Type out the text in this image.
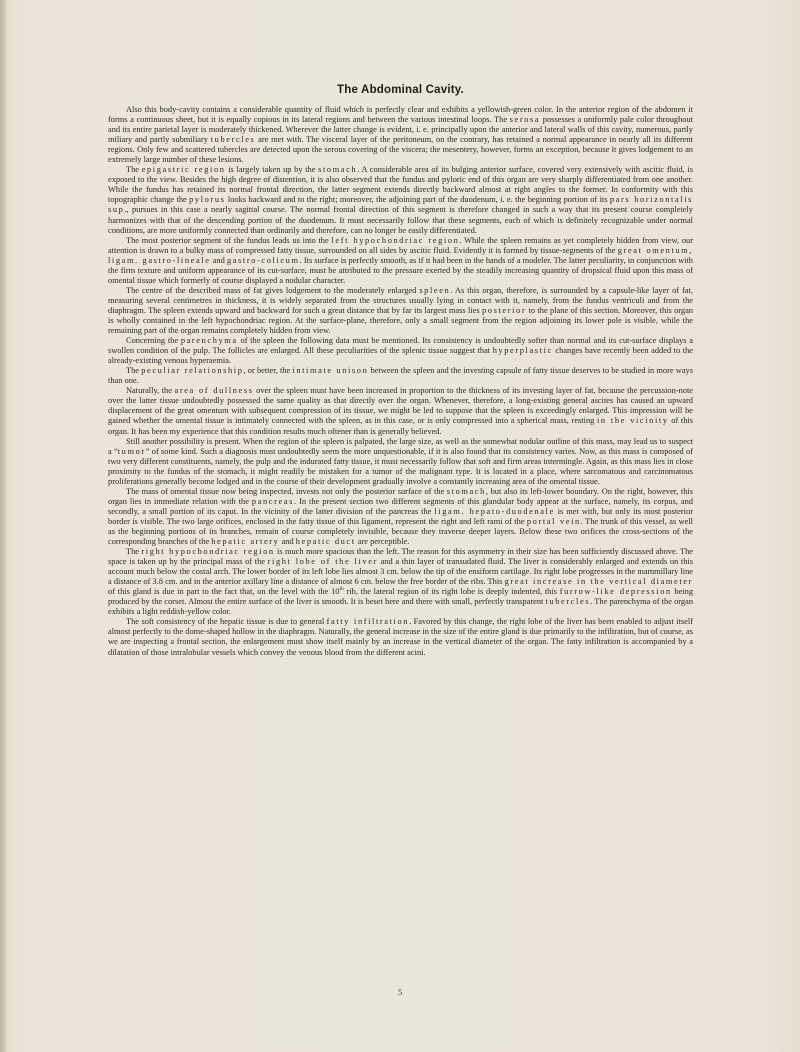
The Abdominal Cavity.

Also this body-cavity contains a considerable quantity of fluid which is perfectly clear and exhibits a yellowish-green color. In the anterior region of the abdomen it forms a continuous sheet, but it is equally copious in its lateral regions and between the various intestinal loops. The serosa possesses a uniformly pale color throughout and its entire parietal layer is moderately thickened. Wherever the latter change is evident, i. e. principally upon the anterior and lateral walls of this cavity, numerous, partly miliary and partly submiliary tubercles are met with. The visceral layer of the peritoneum, on the contrary, has retained a normal appearance in nearly all its different regions. Only few and scattered tubercles are detected upon the serous covering of the viscera; the mesentery, however, forms an exception, because it gives lodgement to an extremely large number of these lesions.

The epigastric region is largely taken up by the stomach. A considerable area of its bulging anterior surface, covered very extensively with ascitic fluid, is exposed to the view. Besides the high degree of distention, it is also observed that the fundus and pyloric end of this organ are very sharply differentiated from one another. While the fundus has retained its normal frontal direction, the latter segment extends directly backward almost at right angles to the former. In conformity with this topographic change the pylorus looks backward and to the right; moreover, the adjoining part of the duodenum, i. e. the beginning portion of its pars horizontalis sup., pursues in this case a nearly sagittal course. The normal frontal direction of this segment is therefore changed in such a way that its present course completely harmonizes with that of the descending portion of the duodenum. It must necessarily follow that these segments, each of which is definitely recognizable under normal conditions, are more uniformly connected than ordinarily and therefore, can no longer be easily differentiated.

The most posterior segment of the fundus leads us into the left hypochondriac region. While the spleen remains as yet completely hidden from view, our attention is drawn to a bulky mass of compressed fatty tissue, surrounded on all sides by ascitic fluid. Evidently it is formed by tissue-segments of the great omentum, ligam. gastro-lineale and gastro-colicum. Its surface is perfectly smooth, as if it had been in the hands of a modeler. The latter peculiarity, in conjunction with the firm texture and uniform appearance of its cut-surface, must be attributed to the pressure exerted by the steadily increasing quantity of dropsical fluid upon this mass of omental tissue which formerly of course displayed a nodular character.

The centre of the described mass of fat gives lodgement to the moderately enlarged spleen. As this organ, therefore, is surrounded by a capsule-like layer of fat, measuring several centimetres in thickness, it is widely separated from the structures usually lying in contact with it, namely, from the fundus ventriculi and from the diaphragm. The spleen extends upward and backward for such a great distance that by far its largest mass lies posterior to the plane of this section. Moreover, this organ is wholly contained in the left hypochondriac region. At the surface-plane, therefore, only a small segment from the region adjoining its lower pole is visible, while the remaining part of the organ remains completely hidden from view.

Concerning the parenchyma of the spleen the following data must be mentioned. Its consistency is undoubtedly softer than normal and its cut-surface displays a swollen condition of the pulp. The follicles are enlarged. All these peculiarities of the splenic tissue suggest that hyperplastic changes have recently been added to the already-existing venous hyperaemia.

The peculiar relationship, or better, the intimate unison between the spleen and the investing capsule of fatty tissue deserves to be studied in more ways than one.

Naturally, the area of dullness over the spleen must have been increased in proportion to the thickness of its investing layer of fat, because the percussion-note over the latter tissue undoubtedly possessed the same quality as that directly over the organ. Whenever, therefore, a long-existing general ascites has caused an upward displacement of the great omentum with subsequent compression of its tissue, we might be led to suppose that the spleen is exceedingly enlarged. This impression will be gained whether the omental tissue is intimately connected with the spleen, as in this case, or is only compressed into a spherical mass, resting in the vicinity of this organ. It has been my experience that this condition results much oftener than is generally believed.

Still another possibility is present. When the region of the spleen is palpated, the large size, as well as the somewhat nodular outline of this mass, may lead us to suspect a “tumor” of some kind. Such a diagnosis must undoubtedly seem the more unquestionable, if it is also found that its consistency varies. Now, as this mass is composed of two very different constituents, namely, the pulp and the indurated fatty tissue, it must necessarily follow that soft and firm areas intermingle. Again, as this mass lies in close proximity to the fundus of the stomach, it might readily be mistaken for a tumor of the malignant type. It is located in a place, where sarcomatous and carcinomatous proliferations generally become lodged and in the course of their development gradually involve a constantly increasing area of the omental tissue.

The mass of omental tissue now being inspected, invests not only the posterior surface of the stomach, but also its left-lower boundary. On the right, however, this organ lies in immediate relation with the pancreas. In the present section two different segments of this glandular body appear at the surface, namely, its corpus, and secondly, a small portion of its caput. In the vicinity of the latter division of the pancreas the ligam. hepato-duodenale is met with, but only its most posterior border is visible. The two large orifices, enclosed in the fatty tissue of this ligament, represent the right and left rami of the portal vein. The trunk of this vessel, as well as the beginning portions of its branches, remain of course completely invisible, because they traverse deeper layers. Below these two orifices the cross-sections of the corresponding branches of the hepatic artery and hepatic duct are perceptible.

The right hypochondriac region is much more spacious than the left. The reason for this asymmetry in their size has been sufficiently discussed above. The space is taken up by the principal mass of the right lobe of the liver and a thin layer of transudated fluid. The liver is considerably enlarged and extends on this account much below the costal arch. The lower border of its left lobe lies almost 3 cm. below the tip of the ensiform cartilage. Its right lobe progresses in the mammillary line a distance of 3.8 cm. and in the anterior axillary line a distance of almost 6 cm. below the free border of the ribs. This great increase in the vertical diameter of this gland is due in part to the fact that, on the level with the 10th rib, the lateral region of its right lobe is deeply indented, this furrow-like depression being produced by the corset. Almost the entire surface of the liver is smooth. It is beset here and there with small, perfectly transparent tubercles. The parenchyma of the organ exhibits a light reddish-yellow color.

The soft consistency of the hepatic tissue is due to general fatty infiltration. Favored by this change, the right lobe of the liver has been enabled to adjust itself almost perfectly to the dome-shaped hollow in the diaphragm. Naturally, the general increase in the size of the entire gland is due primarily to the infiltration, but of course, as we are inspecting a frontal section, the enlargement must show itself mainly by an increase in the vertical diameter of the organ. The fatty infiltration is accompanied by a dilatation of those intralobular vessels which convey the venous blood from the different acini.

5
